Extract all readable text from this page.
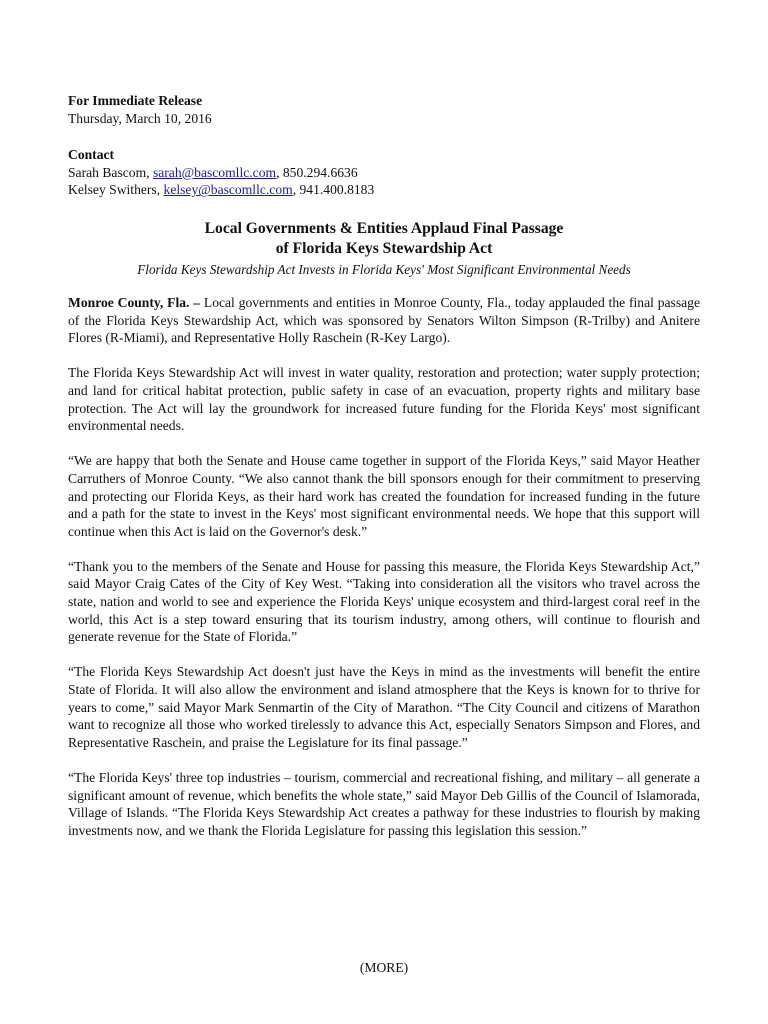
For Immediate Release
Thursday, March 10, 2016
Contact
Sarah Bascom, sarah@bascomllc.com, 850.294.6636
Kelsey Swithers, kelsey@bascomllc.com, 941.400.8183
Local Governments & Entities Applaud Final Passage
of Florida Keys Stewardship Act
Florida Keys Stewardship Act Invests in Florida Keys' Most Significant Environmental Needs

Monroe County, Fla. – Local governments and entities in Monroe County, Fla., today applauded the final passage of the Florida Keys Stewardship Act, which was sponsored by Senators Wilton Simpson (R-Trilby) and Anitere Flores (R-Miami), and Representative Holly Raschein (R-Key Largo).

The Florida Keys Stewardship Act will invest in water quality, restoration and protection; water supply protection; and land for critical habitat protection, public safety in case of an evacuation, property rights and military base protection. The Act will lay the groundwork for increased future funding for the Florida Keys' most significant environmental needs.

“We are happy that both the Senate and House came together in support of the Florida Keys,” said Mayor Heather Carruthers of Monroe County. “We also cannot thank the bill sponsors enough for their commitment to preserving and protecting our Florida Keys, as their hard work has created the foundation for increased funding in the future and a path for the state to invest in the Keys' most significant environmental needs. We hope that this support will continue when this Act is laid on the Governor's desk.”

“Thank you to the members of the Senate and House for passing this measure, the Florida Keys Stewardship Act,” said Mayor Craig Cates of the City of Key West. “Taking into consideration all the visitors who travel across the state, nation and world to see and experience the Florida Keys' unique ecosystem and third-largest coral reef in the world, this Act is a step toward ensuring that its tourism industry, among others, will continue to flourish and generate revenue for the State of Florida.”

“The Florida Keys Stewardship Act doesn't just have the Keys in mind as the investments will benefit the entire State of Florida. It will also allow the environment and island atmosphere that the Keys is known for to thrive for years to come,” said Mayor Mark Senmartin of the City of Marathon. “The City Council and citizens of Marathon want to recognize all those who worked tirelessly to advance this Act, especially Senators Simpson and Flores, and Representative Raschein, and praise the Legislature for its final passage.”

“The Florida Keys' three top industries – tourism, commercial and recreational fishing, and military – all generate a significant amount of revenue, which benefits the whole state,” said Mayor Deb Gillis of the Council of Islamorada, Village of Islands. “The Florida Keys Stewardship Act creates a pathway for these industries to flourish by making investments now, and we thank the Florida Legislature for passing this legislation this session.”

(MORE)
